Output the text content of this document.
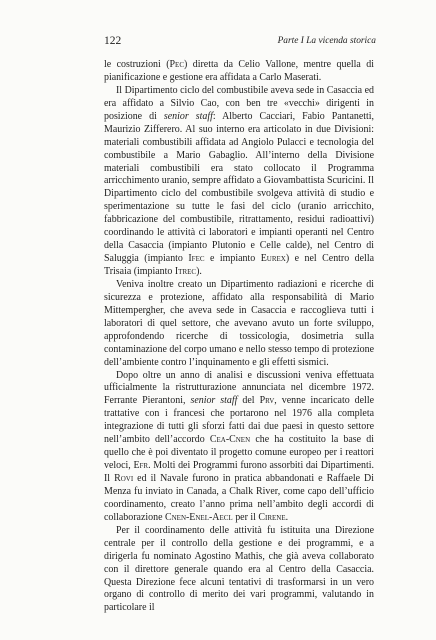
122	Parte I La vicenda storica

le costruzioni (Pec) diretta da Celio Vallone, mentre quella di pianificazione e gestione era affidata a Carlo Maserati.

Il Dipartimento ciclo del combustibile aveva sede in Casaccia ed era affidato a Silvio Cao, con ben tre «vecchi» dirigenti in posizione di senior staff: Alberto Cacciari, Fabio Pantanetti, Maurizio Zifferero. Al suo interno era articolato in due Divisioni: materiali combustibili affidata ad Angiolo Pulacci e tecnologia del combustibile a Mario Gabaglio. All’interno della Divisione materiali combustibili era stato collocato il Programma arricchimento uranio, sempre affidato a Giovambattista Scuricini. Il Dipartimento ciclo del combustibile svolgeva attività di studio e sperimentazione su tutte le fasi del ciclo (uranio arricchito, fabbricazione del combustibile, ritrattamento, residui radioattivi) coordinando le attività ci laboratori e impianti operanti nel Centro della Casaccia (impianto Plutonio e Celle calde), nel Centro di Saluggia (impianto Ifec e impianto Eurex) e nel Centro della Trisaia (impianto Itrec).

Veniva inoltre creato un Dipartimento radiazioni e ricerche di sicurezza e protezione, affidato alla responsabilità di Mario Mittempergher, che aveva sede in Casaccia e raccoglieva tutti i laboratori di quel settore, che avevano avuto un forte sviluppo, approfondendo ricerche di tossicologia, dosimetria sulla contaminazione del corpo umano e nello stesso tempo di protezione dell’ambiente contro l’inquinamento e gli effetti sismici.

Dopo oltre un anno di analisi e discussioni veniva effettuata ufficialmente la ristrutturazione annunciata nel dicembre 1972. Ferrante Pierantoni, senior staff del Prv, venne incaricato delle trattative con i francesi che portarono nel 1976 alla completa integrazione di tutti gli sforzi fatti dai due paesi in questo settore nell’ambito dell’accordo Cea-Cnen che ha costituito la base di quello che è poi diventato il progetto comune europeo per i reattori veloci, Efr. Molti dei Programmi furono assorbiti dai Dipartimenti. Il Rovi ed il Navale furono in pratica abbandonati e Raffaele Di Menza fu inviato in Canada, a Chalk River, come capo dell’ufficio coordinamento, creato l’anno prima nell’ambito degli accordi di collaborazione Cnen-Enel-Aecl per il Cirene.

Per il coordinamento delle attività fu istituita una Direzione centrale per il controllo della gestione e dei programmi, e a dirigerla fu nominato Agostino Mathis, che già aveva collaborato con il direttore generale quando era al Centro della Casaccia. Questa Direzione fece alcuni tentativi di trasformarsi in un vero organo di controllo di merito dei vari programmi, valutando in particolare il
